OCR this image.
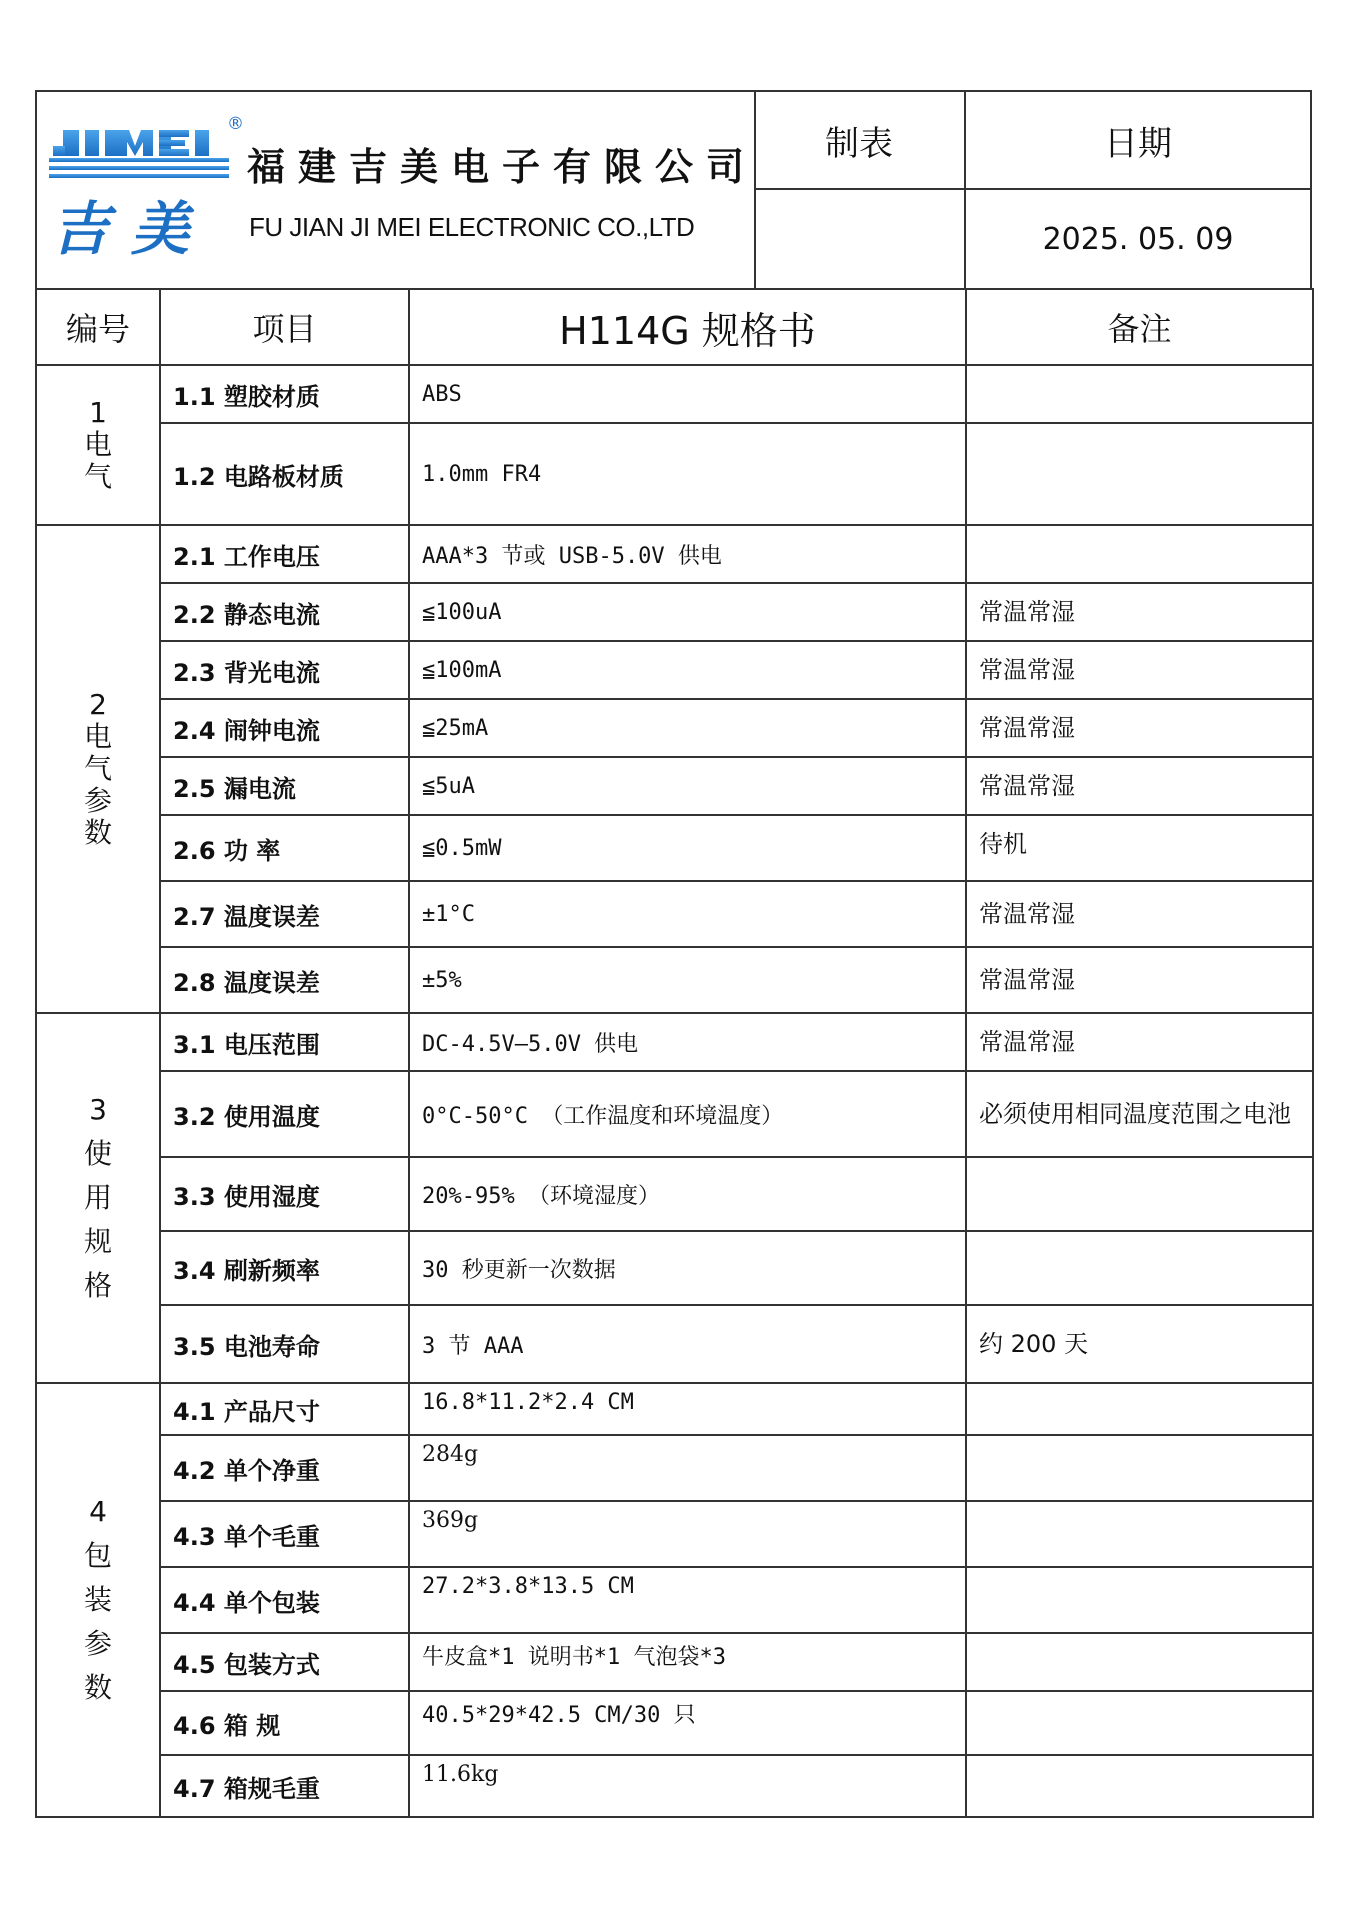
®
吉美
福建吉美电子有限公司
FU JIAN JI MEI ELECTRONIC CO.,LTD
制表	日期
2025. 05. 09
编号	项目	H114G 规格书	备注

1
电
气	1.1 塑胶材质	ABS	
	1.2 电路板材质	1.0mm FR4	

2
电
气
参
数	2.1 工作电压	AAA*3 节或 USB-5.0V 供电	
	2.2 静态电流	≦100uA	常温常湿
	2.3 背光电流	≦100mA	常温常湿
	2.4 闹钟电流	≦25mA	常温常湿
	2.5 漏电流	≦5uA	常温常湿
	2.6 功 率	≦0.5mW	待机
	2.7 温度误差	±1°C	常温常湿
	2.8 温度误差	±5%	常温常湿

3
使
用
规
格	3.1 电压范围	DC-4.5V—5.0V 供电	常温常湿
	3.2 使用温度	0°C-50°C （工作温度和环境温度）	必须使用相同温度范围之电池
	3.3 使用湿度	20%-95% （环境湿度）	
	3.4 刷新频率	30 秒更新一次数据	
	3.5 电池寿命	3 节 AAA	约 200 天

4
包
装
参
数	4.1 产品尺寸	16.8*11.2*2.4 CM	
	4.2 单个净重	284g	
	4.3 单个毛重	369g	
	4.4 单个包装	27.2*3.8*13.5 CM	
	4.5 包装方式	牛皮盒*1 说明书*1 气泡袋*3	
	4.6 箱 规	40.5*29*42.5 CM/30 只	
	4.7 箱规毛重	11.6kg	
